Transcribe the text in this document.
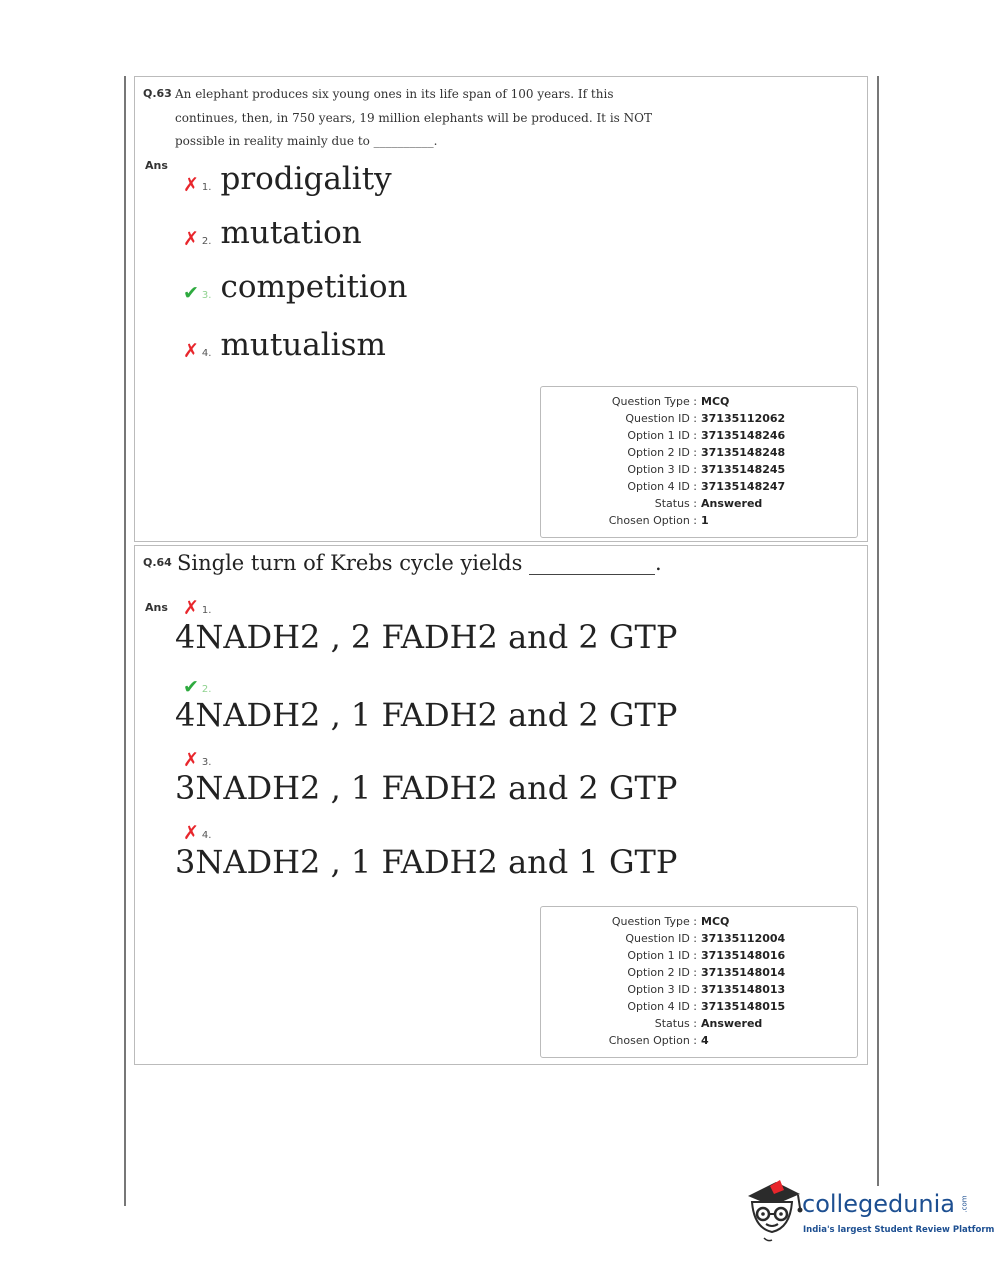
Q.63 An elephant produces six young ones in its life span of 100 years. If this continues, then, in 750 years, 19 million elephants will be produced. It is NOT possible in reality mainly due to __________.
Ans
✗ 1. prodigality
✗ 2. mutation
✔ 3. competition
✗ 4. mutualism
Question Type : MCQ
Question ID : 37135112062
Option 1 ID : 37135148246
Option 2 ID : 37135148248
Option 3 ID : 37135148245
Option 4 ID : 37135148247
Status : Answered
Chosen Option : 1
Q.64 Single turn of Krebs cycle yields ____________.
Ans ✗ 1.
4NADH2 , 2 FADH2 and 2 GTP
✔ 2.
4NADH2 , 1 FADH2 and 2 GTP
✗ 3.
3NADH2 , 1 FADH2 and 2 GTP
✗ 4.
3NADH2 , 1 FADH2 and 1 GTP
Question Type : MCQ
Question ID : 37135112004
Option 1 ID : 37135148016
Option 2 ID : 37135148014
Option 3 ID : 37135148013
Option 4 ID : 37135148015
Status : Answered
Chosen Option : 4
collegedunia .com
India's largest Student Review Platform
